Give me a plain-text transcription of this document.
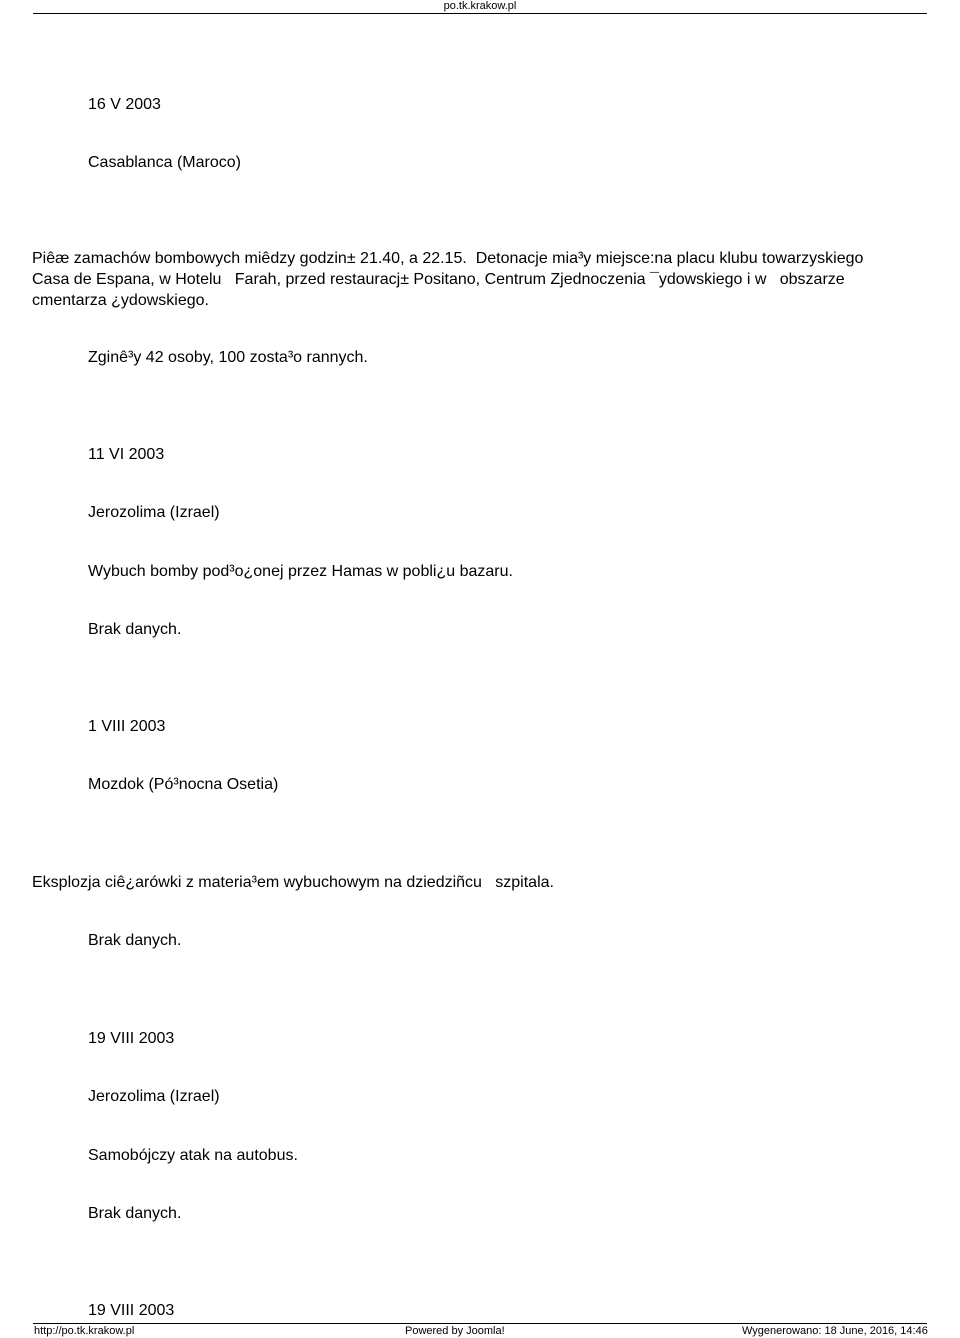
po.tk.krakow.pl
16 V 2003
Casablanca (Maroco)
Piêæ zamachów bombowych miêdzy godzin± 21.40, a 22.15.  Detonacje mia³y miejsce:na placu klubu towarzyskiego
Casa de Espana, w Hotelu   Farah, przed restauracj± Positano, Centrum Zjednoczenia ¯ydowskiego i w   obszarze
cmentarza ¿ydowskiego.
Zginê³y 42 osoby, 100 zosta³o rannych.
11 VI 2003
Jerozolima (Izrael)
Wybuch bomby pod³o¿onej przez Hamas w pobli¿u bazaru.
Brak danych.
1 VIII 2003
Mozdok (Pó³nocna Osetia)
Eksplozja ciê¿arówki z materia³em wybuchowym na dziedziñcu   szpitala.
Brak danych.
19 VIII 2003
Jerozolima (Izrael)
Samobójczy atak na autobus.
Brak danych.
19 VIII 2003
http://po.tk.krakow.pl	Powered by Joomla!	Wygenerowano: 18 June, 2016, 14:46
